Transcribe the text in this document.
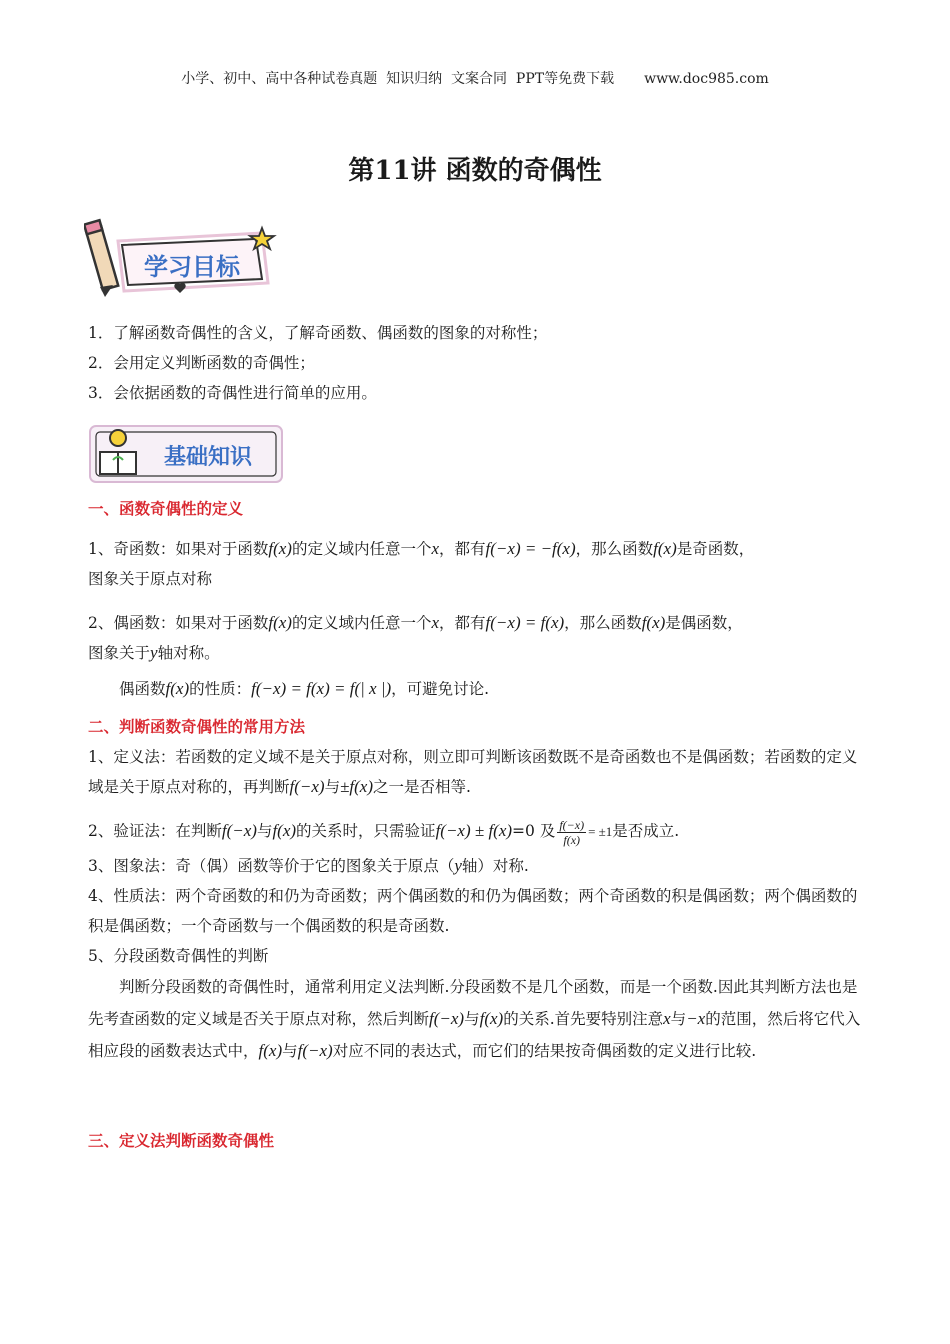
小学、初中、高中各种试卷真题  知识归纳  文案合同  PPT等免费下载 www.doc985.com
第11讲 函数的奇偶性
学习目标

1．了解函数奇偶性的含义，了解奇函数、偶函数的图象的对称性；

2．会用定义判断函数的奇偶性；

3．会依据函数的奇偶性进行简单的应用。

基础知识

一、函数奇偶性的定义

1、奇函数：如果对于函数f(x)的定义域内任意一个x，都有f(−x) = −f(x)，那么函数f(x)是奇函数，
图象关于原点对称

2、偶函数：如果对于函数f(x)的定义域内任意一个x，都有f(−x) = f(x)，那么函数f(x)是偶函数，
图象关于y轴对称。

偶函数f(x)的性质：f(−x) = f(x) = f(| x |)，可避免讨论.

二、判断函数奇偶性的常用方法

1、定义法：若函数的定义域不是关于原点对称，则立即可判断该函数既不是奇函数也不是偶函数；若函数的定义域是关于原点对称的，再判断f(−x)与±f(x)之一是否相等.

2、验证法：在判断f(−x)与f(x)的关系时，只需验证f(−x) ± f(x)=0 及 $\frac{f(-x)}{f(x)} = \pm 1$是否成立.

3、图象法：奇（偶）函数等价于它的图象关于原点（y轴）对称.

4、性质法：两个奇函数的和仍为奇函数；两个偶函数的和仍为偶函数；两个奇函数的积是偶函数；两个偶函数的积是偶函数；一个奇函数与一个偶函数的积是奇函数.

5、分段函数奇偶性的判断

判断分段函数的奇偶性时，通常利用定义法判断.分段函数不是几个函数，而是一个函数.因此其判断方法也是先考查函数的定义域是否关于原点对称，然后判断f(−x)与f(x)的关系.首先要特别注意x与−x的范围，然后将它代入相应段的函数表达式中，f(x)与f(−x)对应不同的表达式，而它们的结果按奇偶函数的定义进行比较.

三、定义法判断函数奇偶性
